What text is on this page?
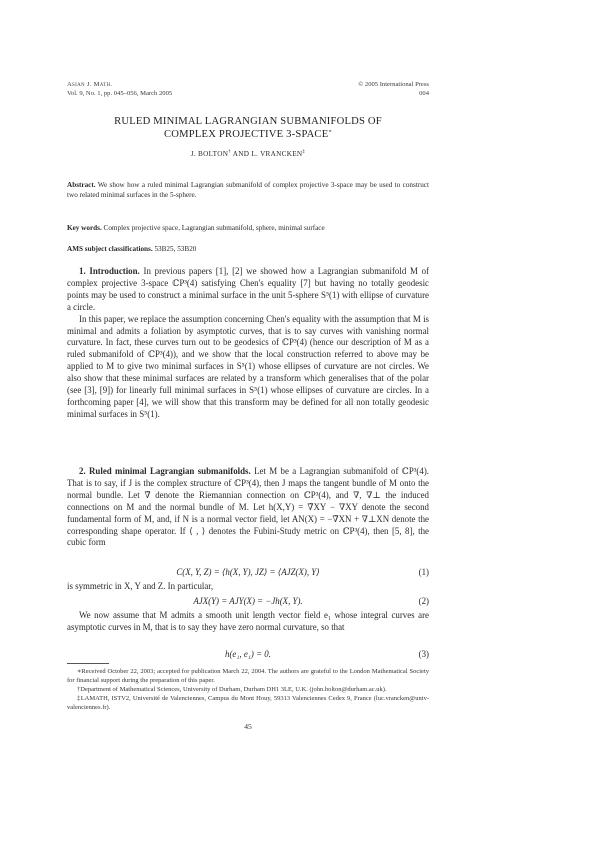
Asian J. Math.
Vol. 9, No. 1, pp. 045–056, March 2005
© 2005 International Press
004
RULED MINIMAL LAGRANGIAN SUBMANIFOLDS OF
COMPLEX PROJECTIVE 3-SPACE∗
J. BOLTON† AND L. VRANCKEN‡
Abstract. We show how a ruled minimal Lagrangian submanifold of complex projective 3-space may be used to construct two related minimal surfaces in the 5-sphere.
Key words. Complex projective space, Lagrangian submanifold, sphere, minimal surface
AMS subject classifications. 53B25, 53B20

1. Introduction. In previous papers [1], [2] we showed how a Lagrangian submanifold M of complex projective 3-space ℂP³(4) satisfying Chen's equality [7] but having no totally geodesic points may be used to construct a minimal surface in the unit 5-sphere S⁵(1) with ellipse of curvature a circle.

In this paper, we replace the assumption concerning Chen's equality with the assumption that M is minimal and admits a foliation by asymptotic curves, that is to say curves with vanishing normal curvature. In fact, these curves turn out to be geodesics of ℂP³(4) (hence our description of M as a ruled submanifold of ℂP³(4)), and we show that the local construction referred to above may be applied to M to give two minimal surfaces in S⁵(1) whose ellipses of curvature are not circles. We also show that these minimal surfaces are related by a transform which generalises that of the polar (see [3], [9]) for linearly full minimal surfaces in S⁵(1) whose ellipses of curvature are circles. In a forthcoming paper [4], we will show that this transform may be defined for all non totally geodesic minimal surfaces in S⁵(1).

2. Ruled minimal Lagrangian submanifolds. Let M be a Lagrangian submanifold of ℂP³(4). That is to say, if J is the complex structure of ℂP³(4), then J maps the tangent bundle of M onto the normal bundle. Let ∇̃ denote the Riemannian connection on ℂP³(4), and ∇, ∇⊥ the induced connections on M and the normal bundle of M. Let h(X,Y) = ∇̃XY − ∇XY denote the second fundamental form of M, and, if N is a normal vector field, let AN(X) = −∇̃XN + ∇⊥XN denote the corresponding shape operator. If ⟨ , ⟩ denotes the Fubini-Study metric on ℂP³(4), then [5, 8], the cubic form

C(X, Y, Z) = ⟨h(X, Y), JZ⟩ = ⟨AJZ(X), Y⟩	(1)

is symmetric in X, Y and Z. In particular,

AJX(Y) = AJY(X) = −Jh(X, Y).	(2)

We now assume that M admits a smooth unit length vector field e₁ whose integral curves are asymptotic curves in M, that is to say they have zero normal curvature, so that

h(e₁, e₁) = 0.	(3)

∗Received October 22, 2003; accepted for publication March 22, 2004. The authors are grateful to the London Mathematical Society for financial support during the preparation of this paper.

†Department of Mathematical Sciences, University of Durham, Durham DH1 3LE, U.K. (john.bolton@durham.ac.uk).

‡LAMATH, ISTV2, Université de Valenciennes, Campus du Mont Houy, 59313 Valenciennes Cedex 9, France (luc.vrancken@univ-valenciennes.fr).

45
